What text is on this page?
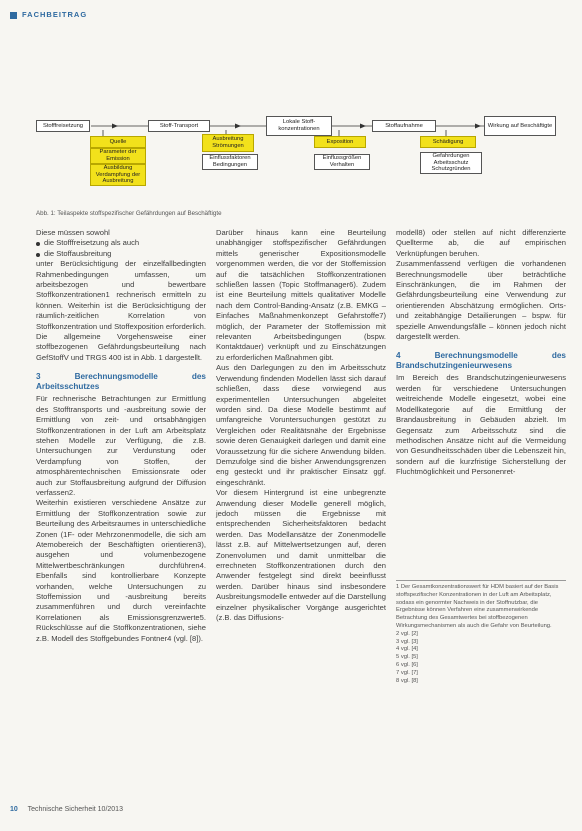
FACHBEITRAG
Stofffreisetzung	Stoff-Transport
Lokale Stoff-konzentrationen
Stoffaufnahme	Wirkung auf Beschäftigte
Quelle
Parameter der Emission
Ausbildung Verdampfung der Ausbreitung
Ausbreitung Strömungen
Einflussfaktoren Bedingungen
Exposition
Einflussgrößen Verhalten
Schädigung
Gefahrdungen Arbeitsschutz Schutzgründen
Abb. 1: Teilaspekte stoffspezifischer Gefährdungen auf Beschäftigte

Diese müssen sowohl

die Stofffreisetzung als auch
die Stoffausbreitung

unter Berücksichtigung der einzelfallbedingten Rahmenbedingungen umfassen, um arbeitsbezogen und bewertbare Stoffkonzentrationen1 rechnerisch ermitteln zu können. Weiterhin ist die Berücksichtigung der räumlich-zeitlichen Korrelation von Stoffkonzentration und Stoffexposition erforderlich. Die allgemeine Vorgehensweise einer stoffbezogenen Gefährdungsbeurteilung nach GefStoffV und TRGS 400 ist in Abb. 1 dargestellt.

3 Berechnungsmodelle des Arbeitsschutzes

Für rechnerische Betrachtungen zur Ermittlung des Stofftransports und -ausbreitung sowie der Ermittlung von zeit- und ortsabhängigen Stoffkonzentrationen in der Luft am Arbeitsplatz stehen Modelle zur Verfügung, die z.B. Untersuchungen zur Verdunstung oder Verdampfung von Stoffen, der atmosphärentechnischen Emissionsrate oder auch zur Stoffausbreitung aufgrund der Diffusion verfassen2.

Weiterhin existieren verschiedene Ansätze zur Ermittlung der Stoffkonzentration sowie zur Beurteilung des Arbeitsraumes in unterschiedliche Zonen (1F- oder Mehrzonenmodelle, die sich am Atemobereich der Beschäftigten orientieren3), ausgehen und volumenbezogene Mittelwertbeschränkungen durchführen4. Ebenfalls sind kontrollierbare Konzepte vorhanden, welche Untersuchungen zu Stoffemission und -ausbreitung bereits zusammenführen und durch vereinfachte Korrelationen als Emissionsgrenzwerte5. Rückschlüsse auf die Stoffkonzentrationen, siehe z.B. Modell des Stoffgebundes Fontner4 (vgl. [8]).

Darüber hinaus kann eine Beurteilung unabhängiger stoffspezifischer Gefährdungen mittels generischer Expositionsmodelle vorgenommen werden, die vor der Stoffemission auf die tatsächlichen Stoffkonzentrationen schließen lassen (Topic Stoffmanager6). Zudem ist eine Beurteilung mittels qualitativer Modelle nach dem Control-Banding-Ansatz (z.B. EMKG – Einfaches Maßnahmenkonzept Gefahrstoffe7) möglich, der Parameter der Stoffemission mit relevanten Arbeitsbedingungen (bspw. Kontaktdauer) verknüpft und zu Einschätzungen zu erforderlichen Maßnahmen gibt.

Aus den Darlegungen zu den im Arbeitsschutz Verwendung findenden Modellen lässt sich darauf schließen, dass diese vorwiegend aus experimentellen Untersuchungen abgeleitet worden sind. Da diese Modelle bestimmt auf umfangreiche Voruntersuchungen gestützt zu Vergleichen oder Realitätsnähe der Ergebnisse sowie deren Genauigkeit darlegen und damit eine Voraussetzung für die sichere Anwendung bilden. Demzufolge sind die bisher Anwendungsgrenzen eng gesteckt und ihr praktischer Einsatz ggf. eingeschränkt.

Vor diesem Hintergrund ist eine unbegrenzte Anwendung dieser Modelle generell möglich, jedoch müssen die Ergebnisse mit entsprechenden Sicherheitsfaktoren bedacht werden. Das Modellansätze der Zonenmodelle lässt z.B. auf Mittelwertsetzungen auf, deren Zonenvolumen und damit unmittelbar die errechneten Stoffkonzentrationen durch den Anwender festgelegt sind direkt beeinflusst werden. Darüber hinaus sind insbesondere Ausbreitungsmodelle entweder auf die Darstellung einzelner physikalischer Vorgänge ausgerichtet (z.B. das Diffusions-

modell8) oder stellen auf nicht differenzierte Quellterme ab, die auf empirischen Verknüpfungen beruhen.

Zusammenfassend verfügen die vorhandenen Berechnungsmodelle über beträchtliche Einschränkungen, die im Rahmen der Gefährdungsbeurteilung eine Verwendung zur orientierenden Abschätzung ermöglichen. Orts- und zeitabhängige Detailierungen – bspw. für spezielle Anwendungsfälle – können jedoch nicht dargestellt werden.

4 Berechnungsmodelle des Brandschutzingenieurwesens

Im Bereich des Brandschutzingenieurwesens werden für verschiedene Untersuchungen weitreichende Modelle eingesetzt, wobei eine Modellkategorie auf die Ermittlung der Brandausbreitung in Gebäuden abzielt. Im Gegensatz zum Arbeitsschutz sind die methodischen Ansätze nicht auf die Vermeidung von Gesundheitsschäden über die Lebenszeit hin, sondern auf die kurzfristige Sicherstellung der Fluchtmöglichkeit und Personenret-

1 Der Gesamtkonzentrationswert für HDM basiert auf der Basis stoffspezifischer Konzentrationen in der Luft am Arbeitsplatz, sodass ein genormter Nachweis in der Stoffnutzbar, die Ergebnisse können Verfahren eine zusammenwirkende Betrachtung des Gesamtwertes bei stoffbezogenen Wirkungsmechanismen als auch die Gefahr von Beurteilung.

2 vgl. [2]

3 vgl. [3]

4 vgl. [4]

5 vgl. [5]

6 vgl. [6]

7 vgl. [7]

8 vgl. [8]

10 Technische Sicherheit 10/2013
